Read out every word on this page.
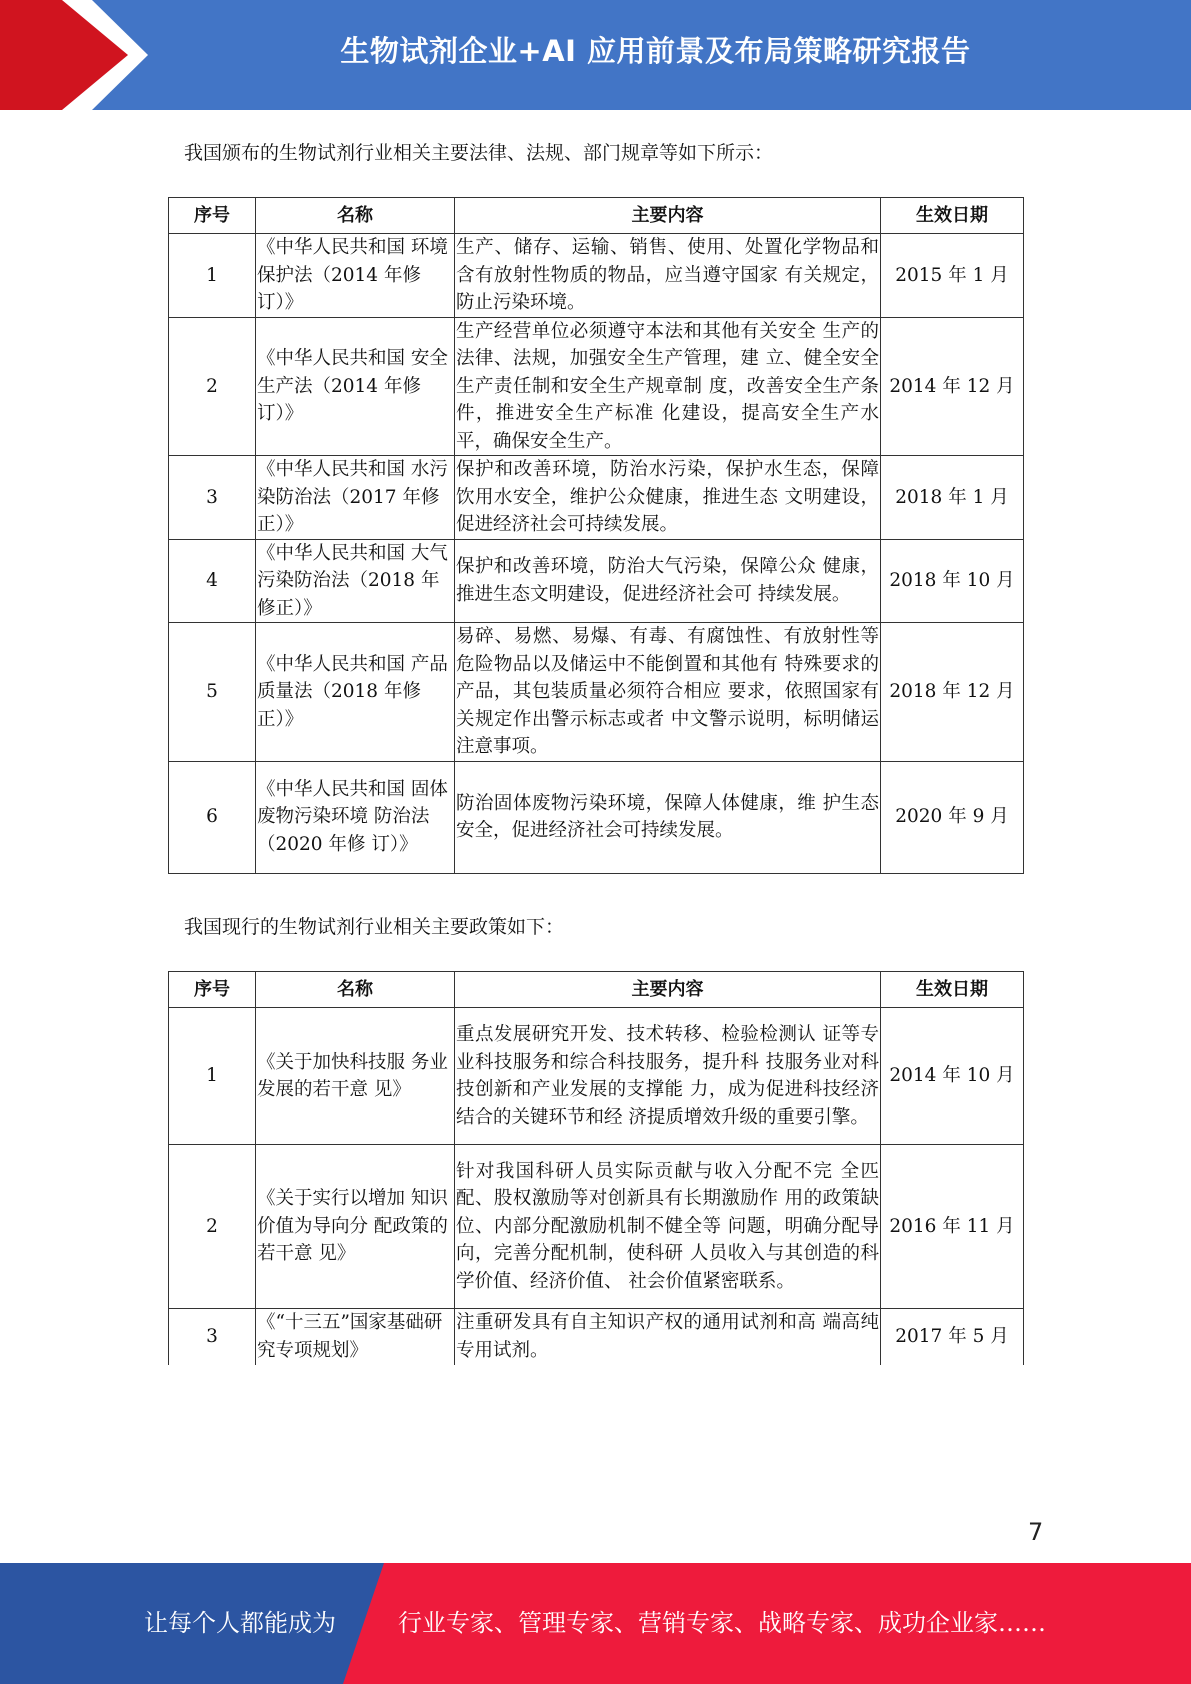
生物试剂企业+AI 应用前景及布局策略研究报告
我国颁布的生物试剂行业相关主要法律、法规、部门规章等如下所示：
序号	名称	主要内容	生效日期
1	《中华人民共和国 环境保护法（2014 年修订）》	生产、储存、运输、销售、使用、处置化学物品和含有放射性物质的物品，应当遵守国家 有关规定，防止污染环境。	2015 年 1 月
2	《中华人民共和国 安全生产法（2014 年修订）》	生产经营单位必须遵守本法和其他有关安全 生产的法律、法规，加强安全生产管理，建 立、健全安全生产责任制和安全生产规章制 度，改善安全生产条件，推进安全生产标准 化建设，提高安全生产水平，确保安全生产。	2014 年 12 月
3	《中华人民共和国 水污染防治法（2017 年修正）》	保护和改善环境，防治水污染，保护水生态，保障饮用水安全，维护公众健康，推进生态 文明建设，促进经济社会可持续发展。	2018 年 1 月
4	《中华人民共和国 大气污染防治法（2018 年修正）》	保护和改善环境，防治大气污染，保障公众 健康，推进生态文明建设，促进经济社会可 持续发展。	2018 年 10 月
5	《中华人民共和国 产品质量法（2018 年修正）》	易碎、易燃、易爆、有毒、有腐蚀性、有放射性等危险物品以及储运中不能倒置和其他有 特殊要求的产品，其包装质量必须符合相应 要求，依照国家有关规定作出警示标志或者 中文警示说明，标明储运注意事项。	2018 年 12 月
6	《中华人民共和国 固体废物污染环境 防治法（2020 年修 订）》	防治固体废物污染环境，保障人体健康，维 护生态安全，促进经济社会可持续发展。	2020 年 9 月
我国现行的生物试剂行业相关主要政策如下：
序号	名称	主要内容	生效日期
1	《关于加快科技服 务业发展的若干意 见》	重点发展研究开发、技术转移、检验检测认 证等专业科技服务和综合科技服务，提升科 技服务业对科技创新和产业发展的支撑能 力，成为促进科技经济结合的关键环节和经 济提质增效升级的重要引擎。	2014 年 10 月
2	《关于实行以增加 知识价值为导向分 配政策的若干意 见》	针对我国科研人员实际贡献与收入分配不完 全匹配、股权激励等对创新具有长期激励作 用的政策缺位、内部分配激励机制不健全等 问题，明确分配导向，完善分配机制，使科研 人员收入与其创造的科学价值、经济价值、 社会价值紧密联系。	2016 年 11 月
3	《“十三五”国家基础研究专项规划》	注重研发具有自主知识产权的通用试剂和高 端高纯专用试剂。	2017 年 5 月
7
让每个人都能成为	行业专家、管理专家、营销专家、战略专家、成功企业家……
